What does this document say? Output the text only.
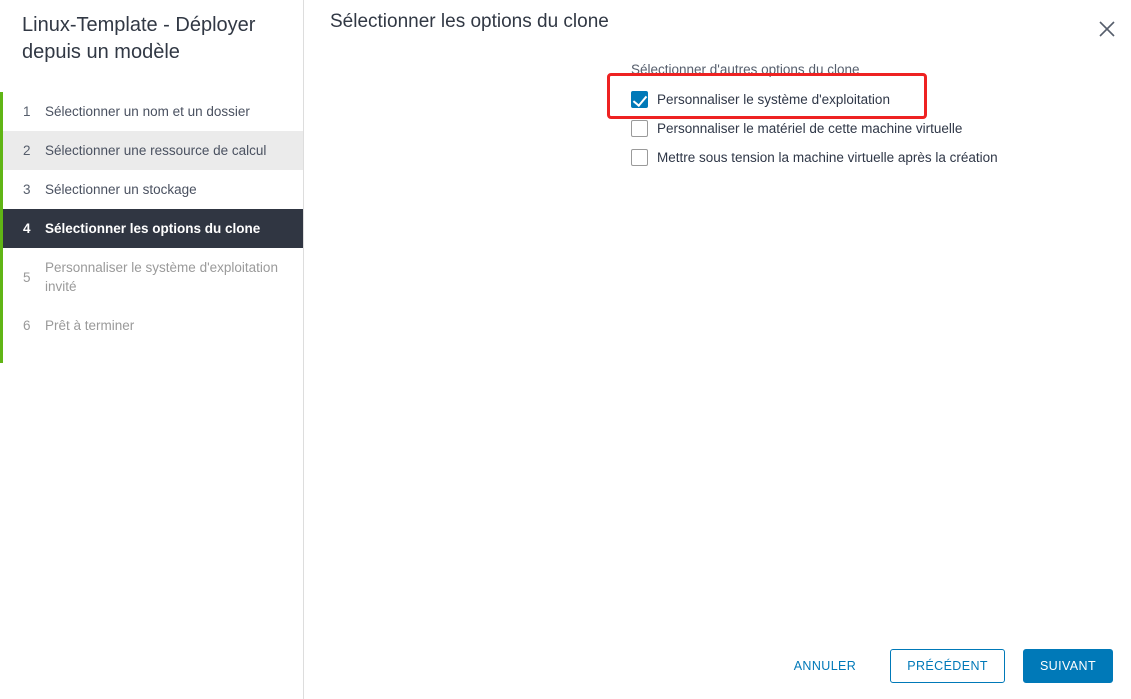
Linux-Template - Déployer depuis un modèle
1	Sélectionner un nom et un dossier
2	Sélectionner une ressource de calcul
3	Sélectionner un stockage
4	Sélectionner les options du clone
5
Personnaliser le système d'exploitation invité
6	Prêt à terminer
Sélectionner les options du clone
Sélectionner d'autres options du clone
Personnaliser le système d'exploitation
Personnaliser le matériel de cette machine virtuelle
Mettre sous tension la machine virtuelle après la création
ANNULER	PRÉCÉDENT	SUIVANT
